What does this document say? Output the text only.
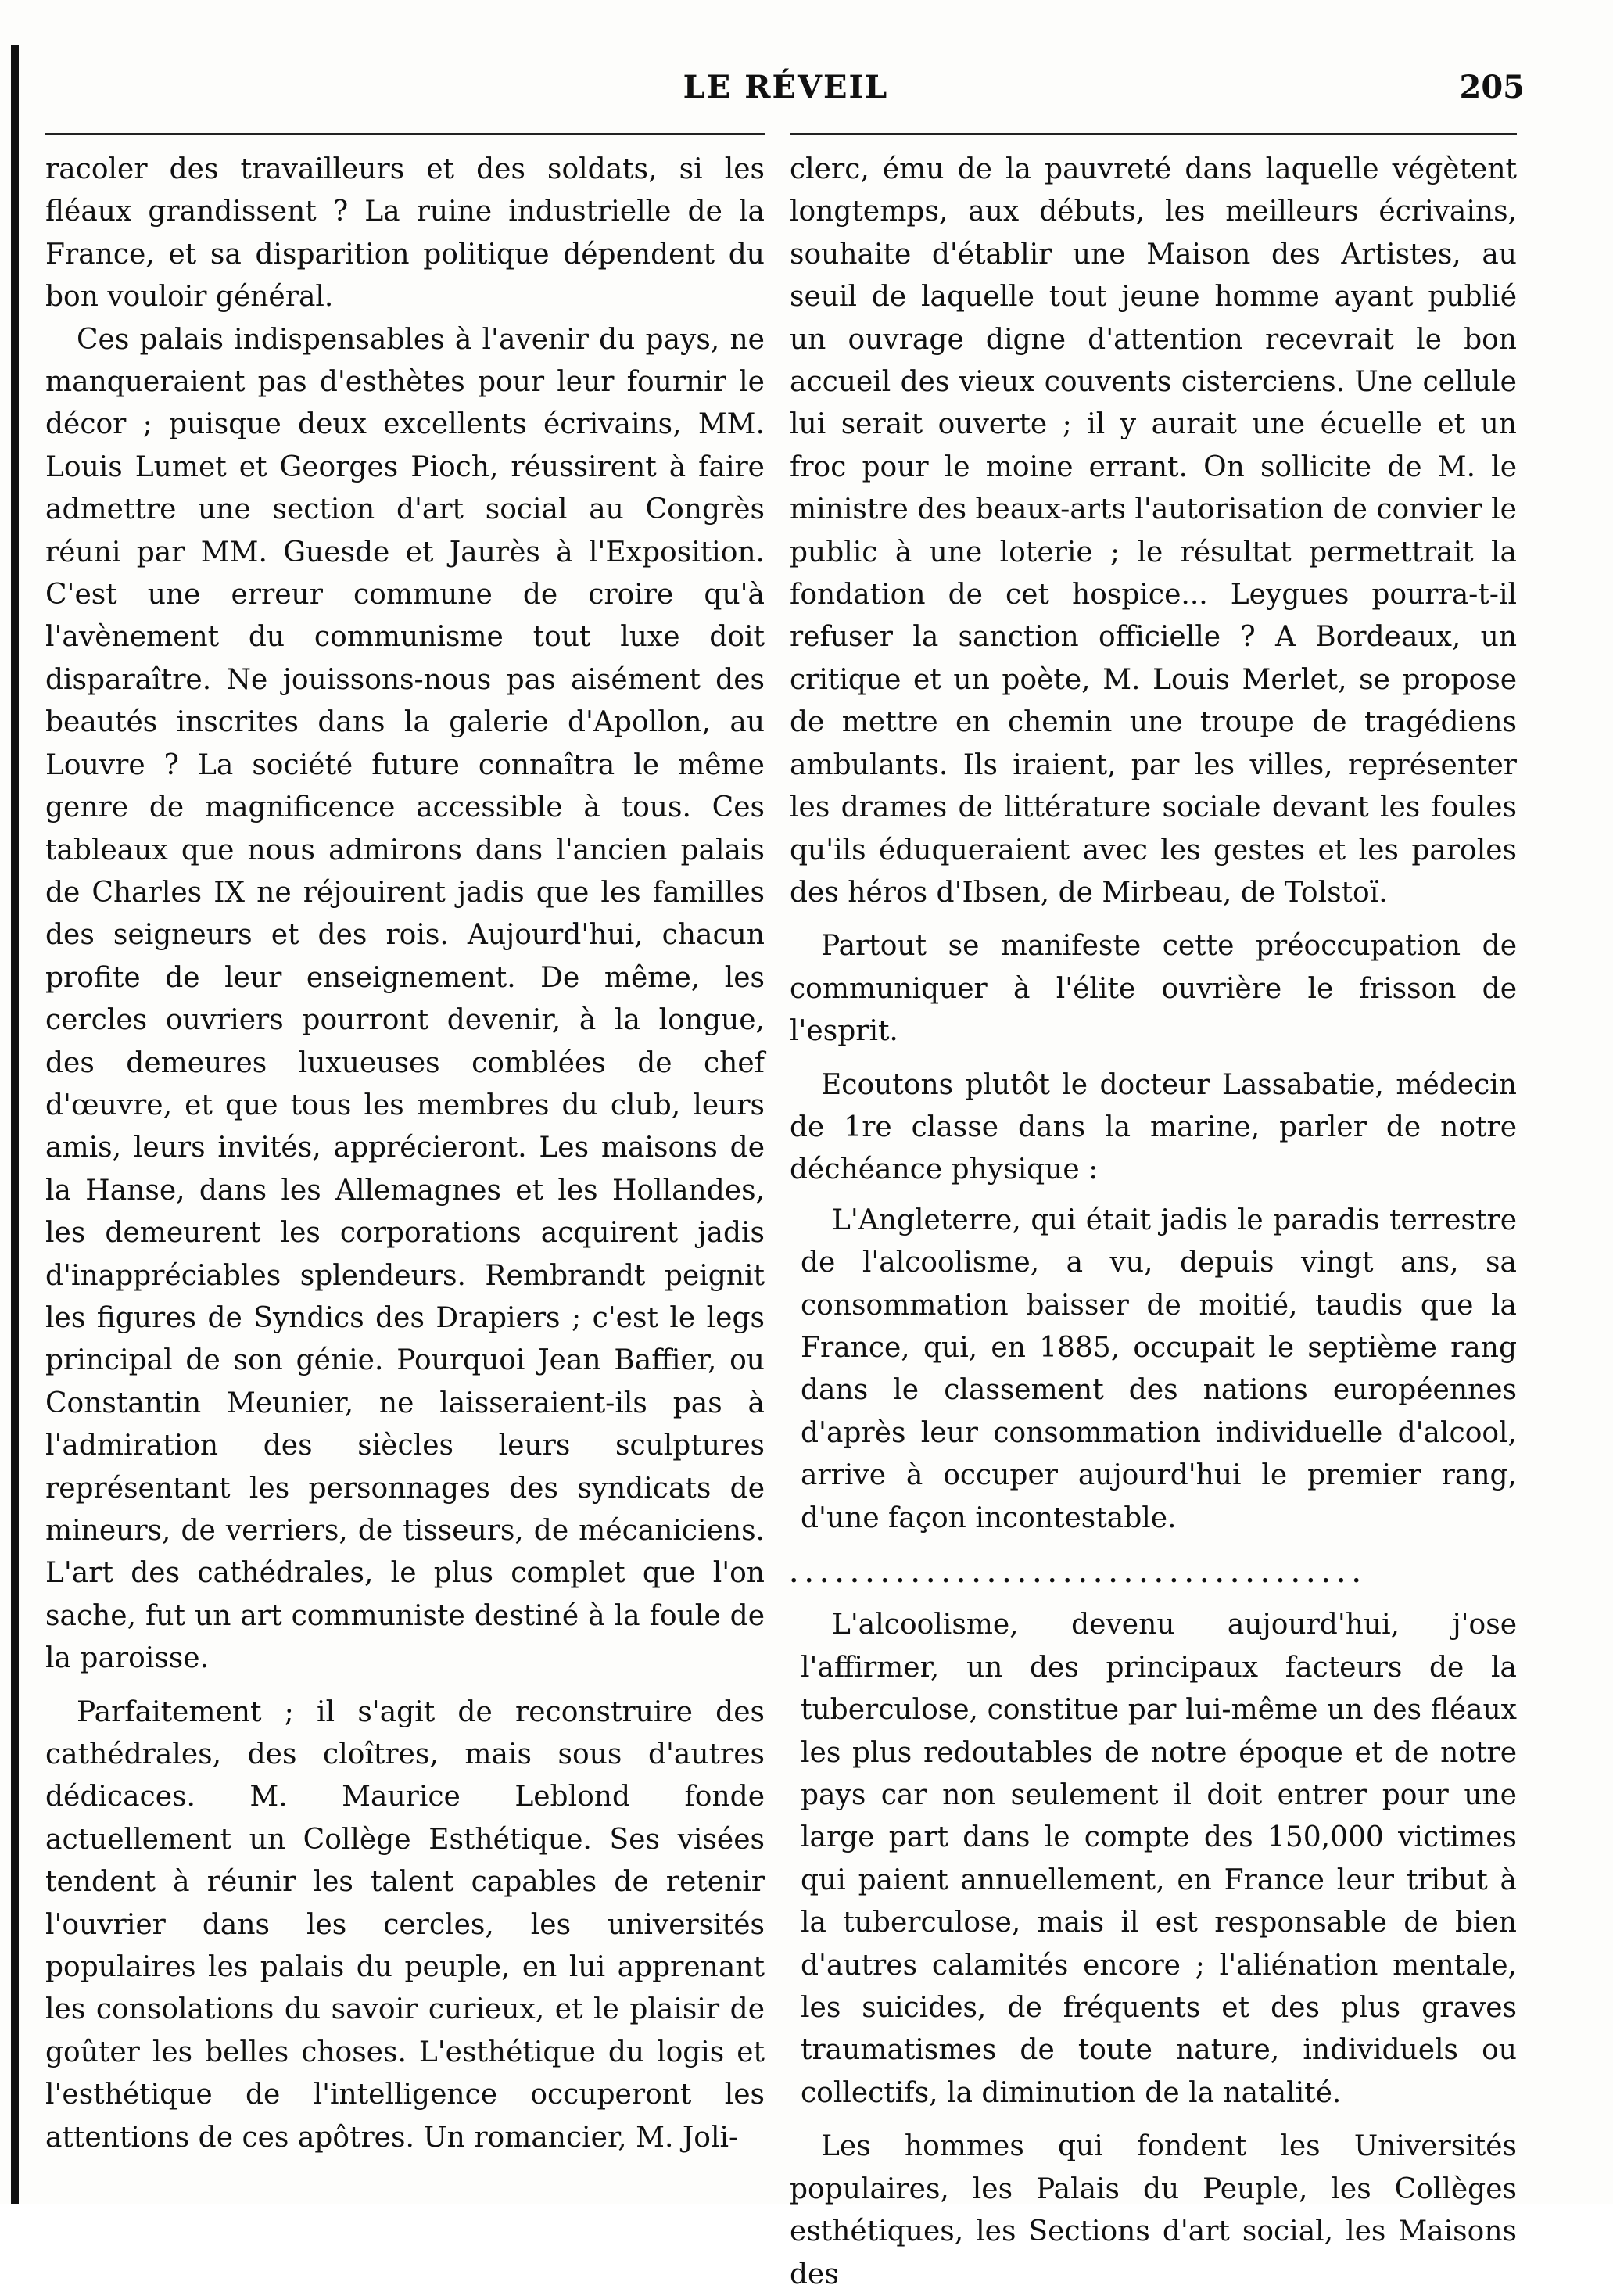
LE RÉVEIL	205

racoler des travailleurs et des soldats, si les fléaux grandissent ? La ruine industrielle de la France, et sa disparition politique dépendent du bon vouloir général.

Ces palais indispensables à l'avenir du pays, ne manqueraient pas d'esthètes pour leur fournir le décor ; puisque deux excellents écrivains, MM. Louis Lumet et Georges Pioch, réussirent à faire admettre une section d'art social au Congrès réuni par MM. Guesde et Jaurès à l'Exposition. C'est une erreur commune de croire qu'à l'avènement du communisme tout luxe doit disparaître. Ne jouissons-nous pas aisément des beautés inscrites dans la galerie d'Apollon, au Louvre ? La société future connaîtra le même genre de magnificence accessible à tous. Ces tableaux que nous admirons dans l'ancien palais de Charles IX ne réjouirent jadis que les familles des seigneurs et des rois. Aujourd'hui, chacun profite de leur enseignement. De même, les cercles ouvriers pourront devenir, à la longue, des demeures luxueuses comblées de chef d'œuvre, et que tous les membres du club, leurs amis, leurs invités, apprécieront. Les maisons de la Hanse, dans les Allemagnes et les Hollandes, les demeurent les corporations acquirent jadis d'inappréciables splendeurs. Rembrandt peignit les figures de Syndics des Drapiers ; c'est le legs principal de son génie. Pourquoi Jean Baffier, ou Constantin Meunier, ne laisseraient-ils pas à l'admiration des siècles leurs sculptures représentant les personnages des syndicats de mineurs, de verriers, de tisseurs, de mécaniciens. L'art des cathédrales, le plus complet que l'on sache, fut un art communiste destiné à la foule de la paroisse.

Parfaitement ; il s'agit de reconstruire des cathédrales, des cloîtres, mais sous d'autres dédicaces. M. Maurice Leblond fonde actuellement un Collège Esthétique. Ses visées tendent à réunir les talent capables de retenir l'ouvrier dans les cercles, les universités populaires les palais du peuple, en lui apprenant les consolations du savoir curieux, et le plaisir de goûter les belles choses. L'esthétique du logis et l'esthétique de l'intelligence occuperont les attentions de ces apôtres. Un romancier, M. Joli-

clerc, ému de la pauvreté dans laquelle végètent longtemps, aux débuts, les meilleurs écrivains, souhaite d'établir une Maison des Artistes, au seuil de laquelle tout jeune homme ayant publié un ouvrage digne d'attention recevrait le bon accueil des vieux couvents cisterciens. Une cellule lui serait ouverte ; il y aurait une écuelle et un froc pour le moine errant. On sollicite de M. le ministre des beaux-arts l'autorisation de convier le public à une loterie ; le résultat permettrait la fondation de cet hospice... Leygues pourra-t-il refuser la sanction officielle ? A Bordeaux, un critique et un poète, M. Louis Merlet, se propose de mettre en chemin une troupe de tragédiens ambulants. Ils iraient, par les villes, représenter les drames de littérature sociale devant les foules qu'ils éduqueraient avec les gestes et les paroles des héros d'Ibsen, de Mirbeau, de Tolstoï.

Partout se manifeste cette préoccupation de communiquer à l'élite ouvrière le frisson de l'esprit.

Ecoutons plutôt le docteur Lassabatie, médecin de 1re classe dans la marine, parler de notre déchéance physique :

L'Angleterre, qui était jadis le paradis terrestre de l'alcoolisme, a vu, depuis vingt ans, sa consommation baisser de moitié, taudis que la France, qui, en 1885, occupait le septième rang dans le classement des nations européennes d'après leur consommation individuelle d'alcool, arrive à occuper aujourd'hui le premier rang, d'une façon incontestable.

......................................

L'alcoolisme, devenu aujourd'hui, j'ose l'affirmer, un des principaux facteurs de la tuberculose, constitue par lui-même un des fléaux les plus redoutables de notre époque et de notre pays car non seulement il doit entrer pour une large part dans le compte des 150,000 victimes qui paient annuellement, en France leur tribut à la tuberculose, mais il est responsable de bien d'autres calamités encore ; l'aliénation mentale, les suicides, de fréquents et des plus graves traumatismes de toute nature, individuels ou collectifs, la diminution de la natalité.

Les hommes qui fondent les Universités populaires, les Palais du Peuple, les Collèges esthétiques, les Sections d'art social, les Maisons des
